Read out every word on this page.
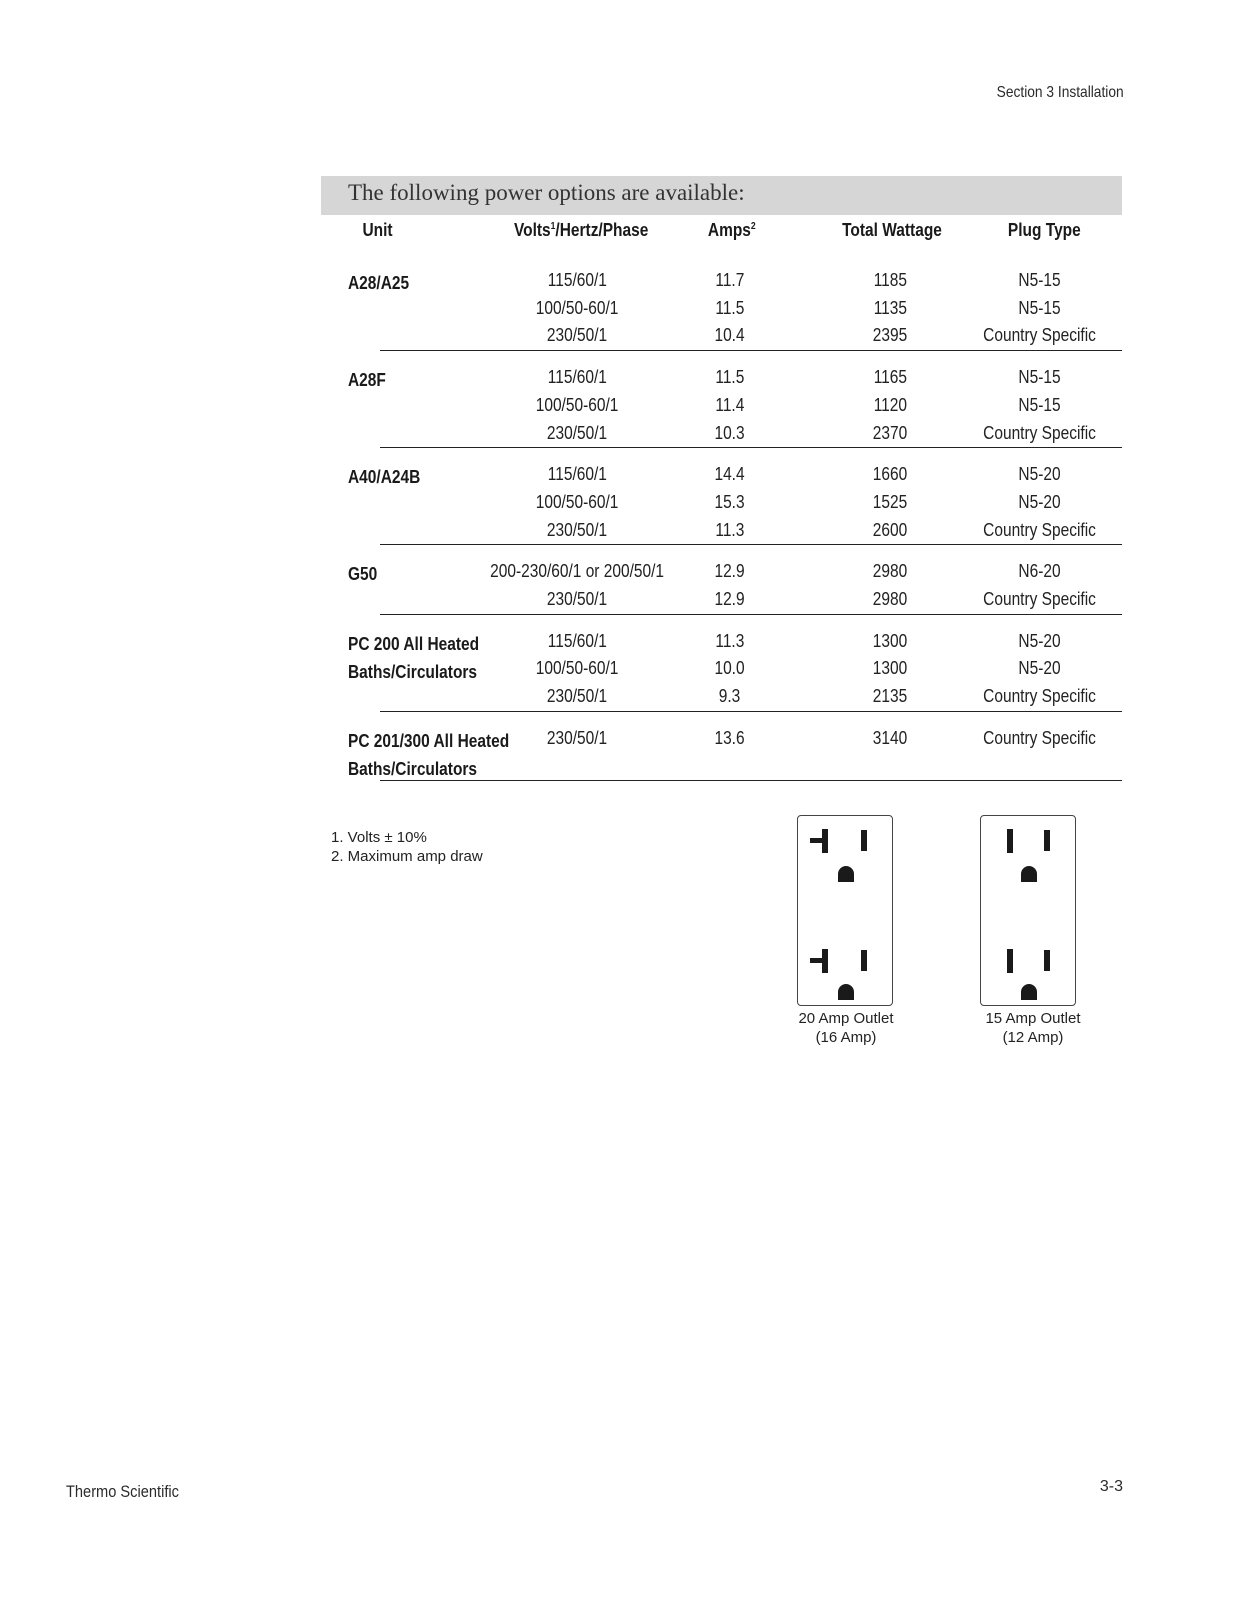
Section 3 Installation
The following power options are available:
Unit	Volts$^1$/Hertz/Phase	Amps$^2$	Total Wattage	Plug Type
A28/A25	115/60/1	11.7	1185	N5-15
100/50-60/1	11.5	1135	N5-15
230/50/1	10.4	2395	Country Specific
A28F	115/60/1	11.5	1165	N5-15
100/50-60/1	11.4	1120	N5-15
230/50/1	10.3	2370	Country Specific
A40/A24B	115/60/1	14.4	1660	N5-20
100/50-60/1	15.3	1525	N5-20
230/50/1	11.3	2600	Country Specific
G50	200-230/60/1 or 200/50/1	12.9	2980	N6-20
230/50/1	12.9	2980	Country Specific
PC 200 All Heated
Baths/Circulators
115/60/1	11.3	1300	N5-20
100/50-60/1	10.0	1300	N5-20
230/50/1	9.3	2135	Country Specific
PC 201/300 All Heated
Baths/Circulators
230/50/1	13.6	3140	Country Specific
1. Volts ± 10%
2. Maximum amp draw
20 Amp Outlet
(16 Amp)
15 Amp Outlet
(12 Amp)
Thermo Scientific	3-3
